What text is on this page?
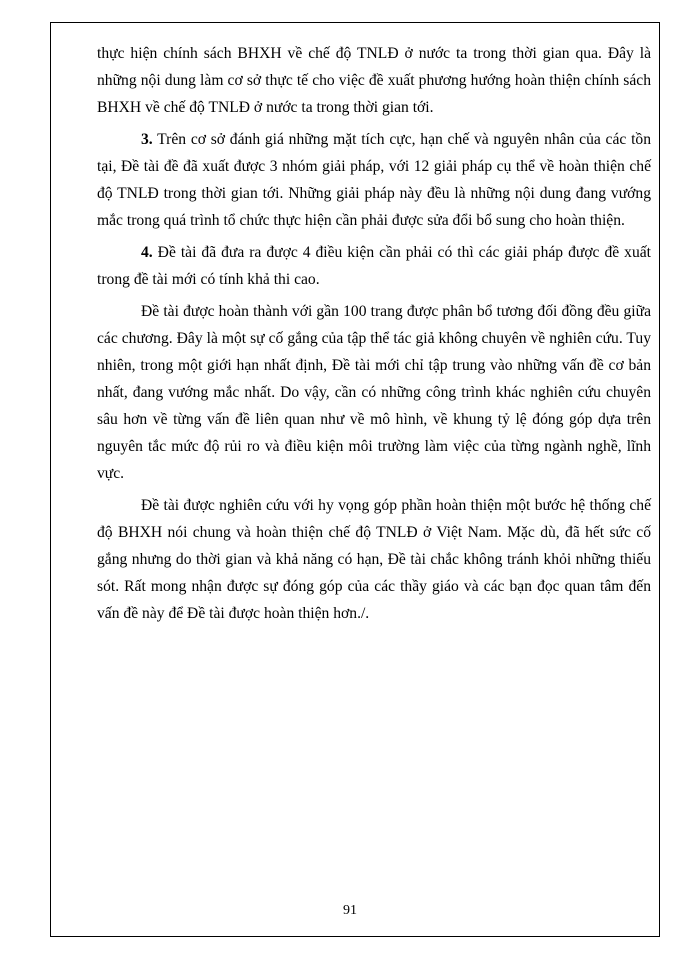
thực hiện chính sách BHXH về chế độ TNLĐ ở nước ta trong thời gian qua. Đây là những nội dung làm cơ sở thực tế cho việc đề xuất phương hướng hoàn thiện chính sách BHXH về chế độ TNLĐ ở nước ta trong thời gian tới.

3. Trên cơ sở đánh giá những mặt tích cực, hạn chế và nguyên nhân của các tồn tại, Đề tài đề đã xuất được 3 nhóm giải pháp, với 12 giải pháp cụ thể về hoàn thiện chế độ TNLĐ trong thời gian tới. Những giải pháp này đều là những nội dung đang vướng mắc trong quá trình tổ chức thực hiện cần phải được sửa đổi bổ sung cho hoàn thiện.

4. Đề tài đã đưa ra được 4 điều kiện cần phải có thì các giải pháp được đề xuất trong đề tài mới có tính khả thi cao.

Đề tài được hoàn thành với gần 100 trang được phân bổ tương đối đồng đều giữa các chương. Đây là một sự cố gắng của tập thể tác giả không chuyên về nghiên cứu. Tuy nhiên, trong một giới hạn nhất định, Đề tài mới chỉ tập trung vào những vấn đề cơ bản nhất, đang vướng mắc nhất. Do vậy, cần có những công trình khác nghiên cứu chuyên sâu hơn về từng vấn đề liên quan như về mô hình, về khung tỷ lệ đóng góp dựa trên nguyên tắc mức độ rủi ro và điều kiện môi trường làm việc của từng ngành nghề, lĩnh vực.

Đề tài được nghiên cứu với hy vọng góp phần hoàn thiện một bước hệ thống chế độ BHXH nói chung và hoàn thiện chế độ TNLĐ ở Việt Nam. Mặc dù, đã hết sức cố gắng nhưng do thời gian và khả năng có hạn, Đề tài chắc không tránh khỏi những thiếu sót. Rất mong nhận được sự đóng góp của các thầy giáo và các bạn đọc quan tâm đến vấn đề này để Đề tài được hoàn thiện hơn./.

91
